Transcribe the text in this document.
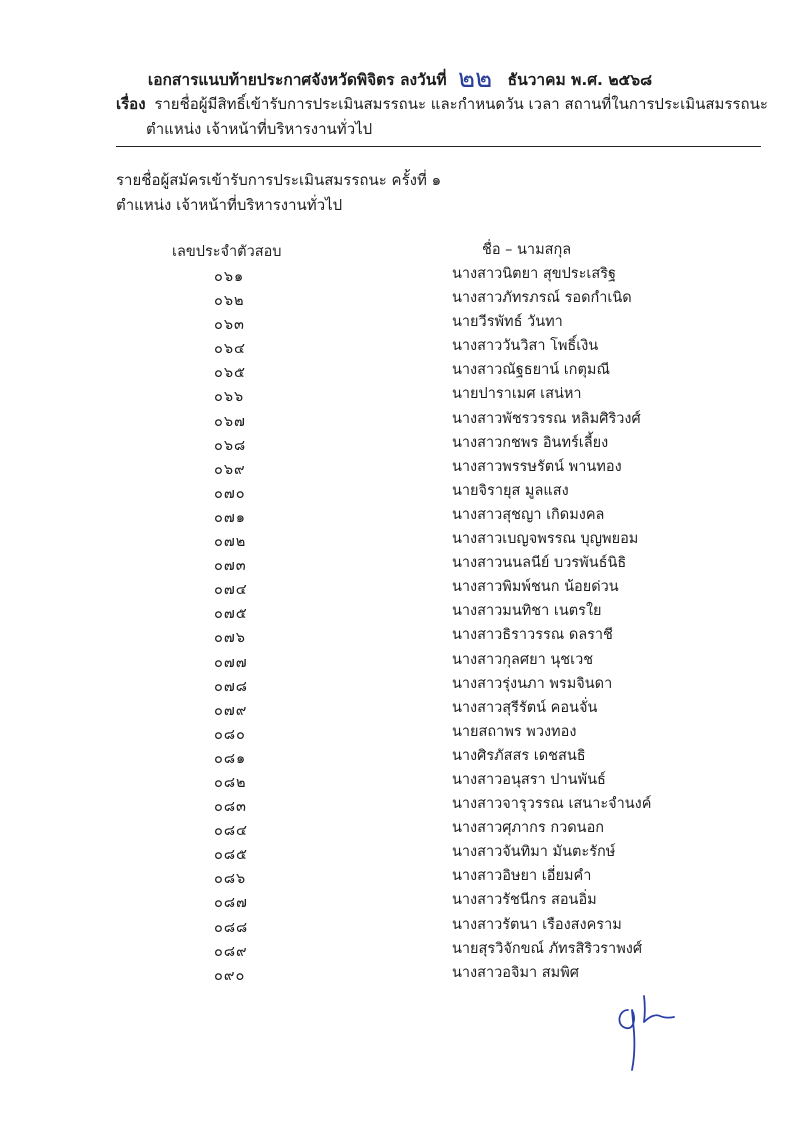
เอกสารแนบท้ายประกาศจังหวัดพิจิตร ลงวันที่ ๒๒ ธันวาคม พ.ศ. ๒๕๖๘
เรื่อง รายชื่อผู้มีสิทธิ์เข้ารับการประเมินสมรรถนะ และกำหนดวัน เวลา สถานที่ในการประเมินสมรรถนะ
ตำแหน่ง เจ้าหน้าที่บริหารงานทั่วไป
รายชื่อผู้สมัครเข้ารับการประเมินสมรรถนะ ครั้งที่ ๑
ตำแหน่ง เจ้าหน้าที่บริหารงานทั่วไป
เลขประจำตัวสอบ	ชื่อ – นามสกุล
๐๖๑	นางสาวนิตยา สุขประเสริฐ
๐๖๒	นางสาวภัทรภรณ์ รอดกำเนิด
๐๖๓	นายวีรพัทธ์ วันทา
๐๖๔	นางสาววันวิสา โพธิ์เงิน
๐๖๕	นางสาวณัฐธยาน์ เกตุมณี
๐๖๖	นายปาราเมศ เสน่หา
๐๖๗	นางสาวพัชรวรรณ หลิมศิริวงศ์
๐๖๘	นางสาวกชพร อินทร์เลี้ยง
๐๖๙	นางสาวพรรษรัตน์ พานทอง
๐๗๐	นายจิรายุส มูลแสง
๐๗๑	นางสาวสุชญา เกิดมงคล
๐๗๒	นางสาวเบญจพรรณ บุญพยอม
๐๗๓	นางสาวนนลนีย์ บวรพันธ์นิธิ
๐๗๔	นางสาวพิมพ์ชนก น้อยด่วน
๐๗๕	นางสาวมนทิชา เนตรใย
๐๗๖	นางสาวธิราวรรณ ดลราชี
๐๗๗	นางสาวกุลศยา นุชเวช
๐๗๘	นางสาวรุ่งนภา พรมจินดา
๐๗๙	นางสาวสุรีรัตน์ คอนจั่น
๐๘๐	นายสถาพร พวงทอง
๐๘๑	นางศิรภัสสร เดชสนธิ
๐๘๒	นางสาวอนุสรา ปานพันธ์
๐๘๓	นางสาวจารุวรรณ เสนาะจำนงค์
๐๘๔	นางสาวศุภากร กวดนอก
๐๘๕	นางสาวจันทิมา มันตะรักษ์
๐๘๖	นางสาวอิษยา เอี่ยมคำ
๐๘๗	นางสาวรัชนีกร สอนอิ่ม
๐๘๘	นางสาวรัตนา เรืองสงคราม
๐๘๙	นายสุรวิจักขณ์ ภัทรสิริวราพงศ์
๐๙๐	นางสาวอจิมา สมพิศ
